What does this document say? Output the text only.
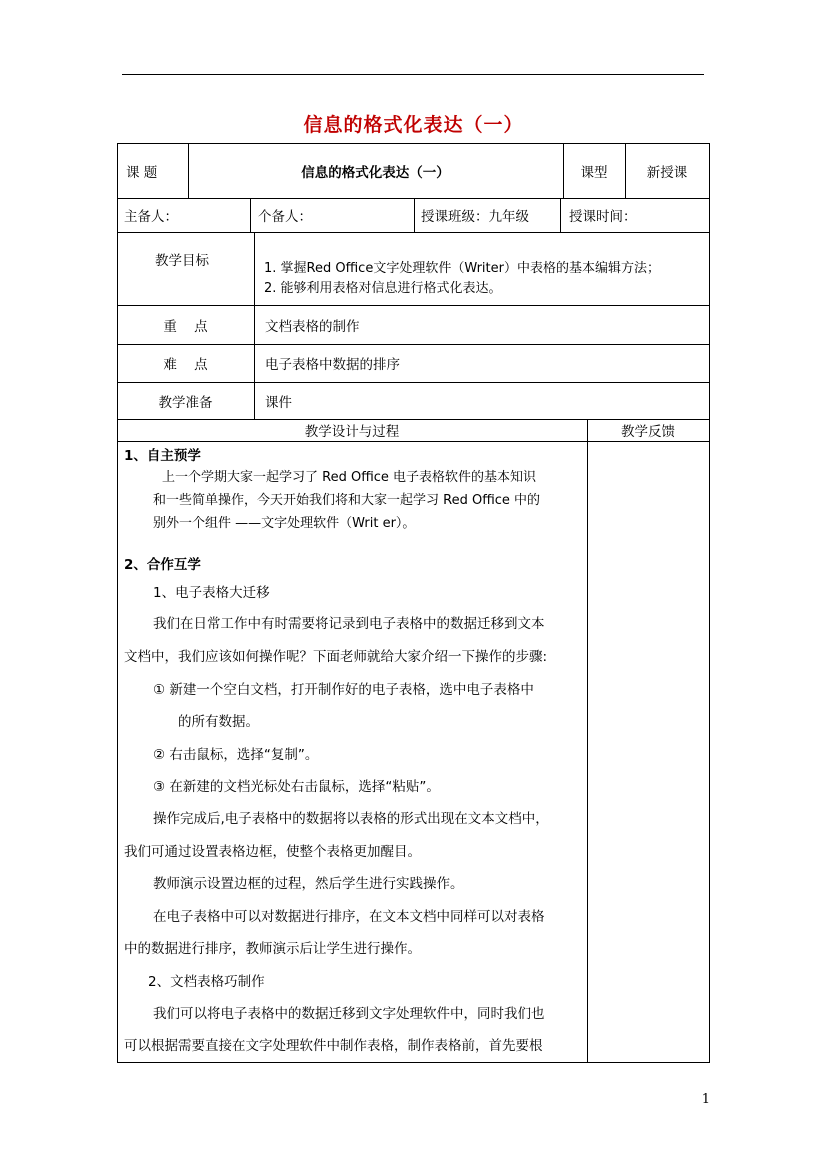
信息的格式化表达（一）
课 题	信息的格式化表达（一）	课型	新授课
主备人：	个备人：	授课班级：九年级	授课时间：
教学目标	1. 掌握Red Office文字处理软件（Writer）中表格的基本编辑方法；
2. 能够利用表格对信息进行格式化表达。
重    点	文档表格的制作
难    点	电子表格中数据的排序
教学准备	课件
教学设计与过程	教学反馈
1、自主预学
上一个学期大家一起学习了 Red Office 电子表格软件的基本知识
和一些简单操作，今天开始我们将和大家一起学习 Red Office 中的
别外一个组件 ——文字处理软件（Writ er）。
2、合作互学
1、电子表格大迁移
我们在日常工作中有时需要将记录到电子表格中的数据迁移到文本
文档中，我们应该如何操作呢？下面老师就给大家介绍一下操作的步骤:
① 新建一个空白文档，打开制作好的电子表格，选中电子表格中
的所有数据。
② 右击鼠标，选择“复制”。
③ 在新建的文档光标处右击鼠标，选择“粘贴”。
操作完成后,电子表格中的数据将以表格的形式出现在文本文档中，
我们可通过设置表格边框，使整个表格更加醒目。
教师演示设置边框的过程，然后学生进行实践操作。
在电子表格中可以对数据进行排序，在文本文档中同样可以对表格
中的数据进行排序，教师演示后让学生进行操作。
2、文档表格巧制作
我们可以将电子表格中的数据迁移到文字处理软件中，同时我们也
可以根据需要直接在文字处理软件中制作表格，制作表格前，首先要根
1
